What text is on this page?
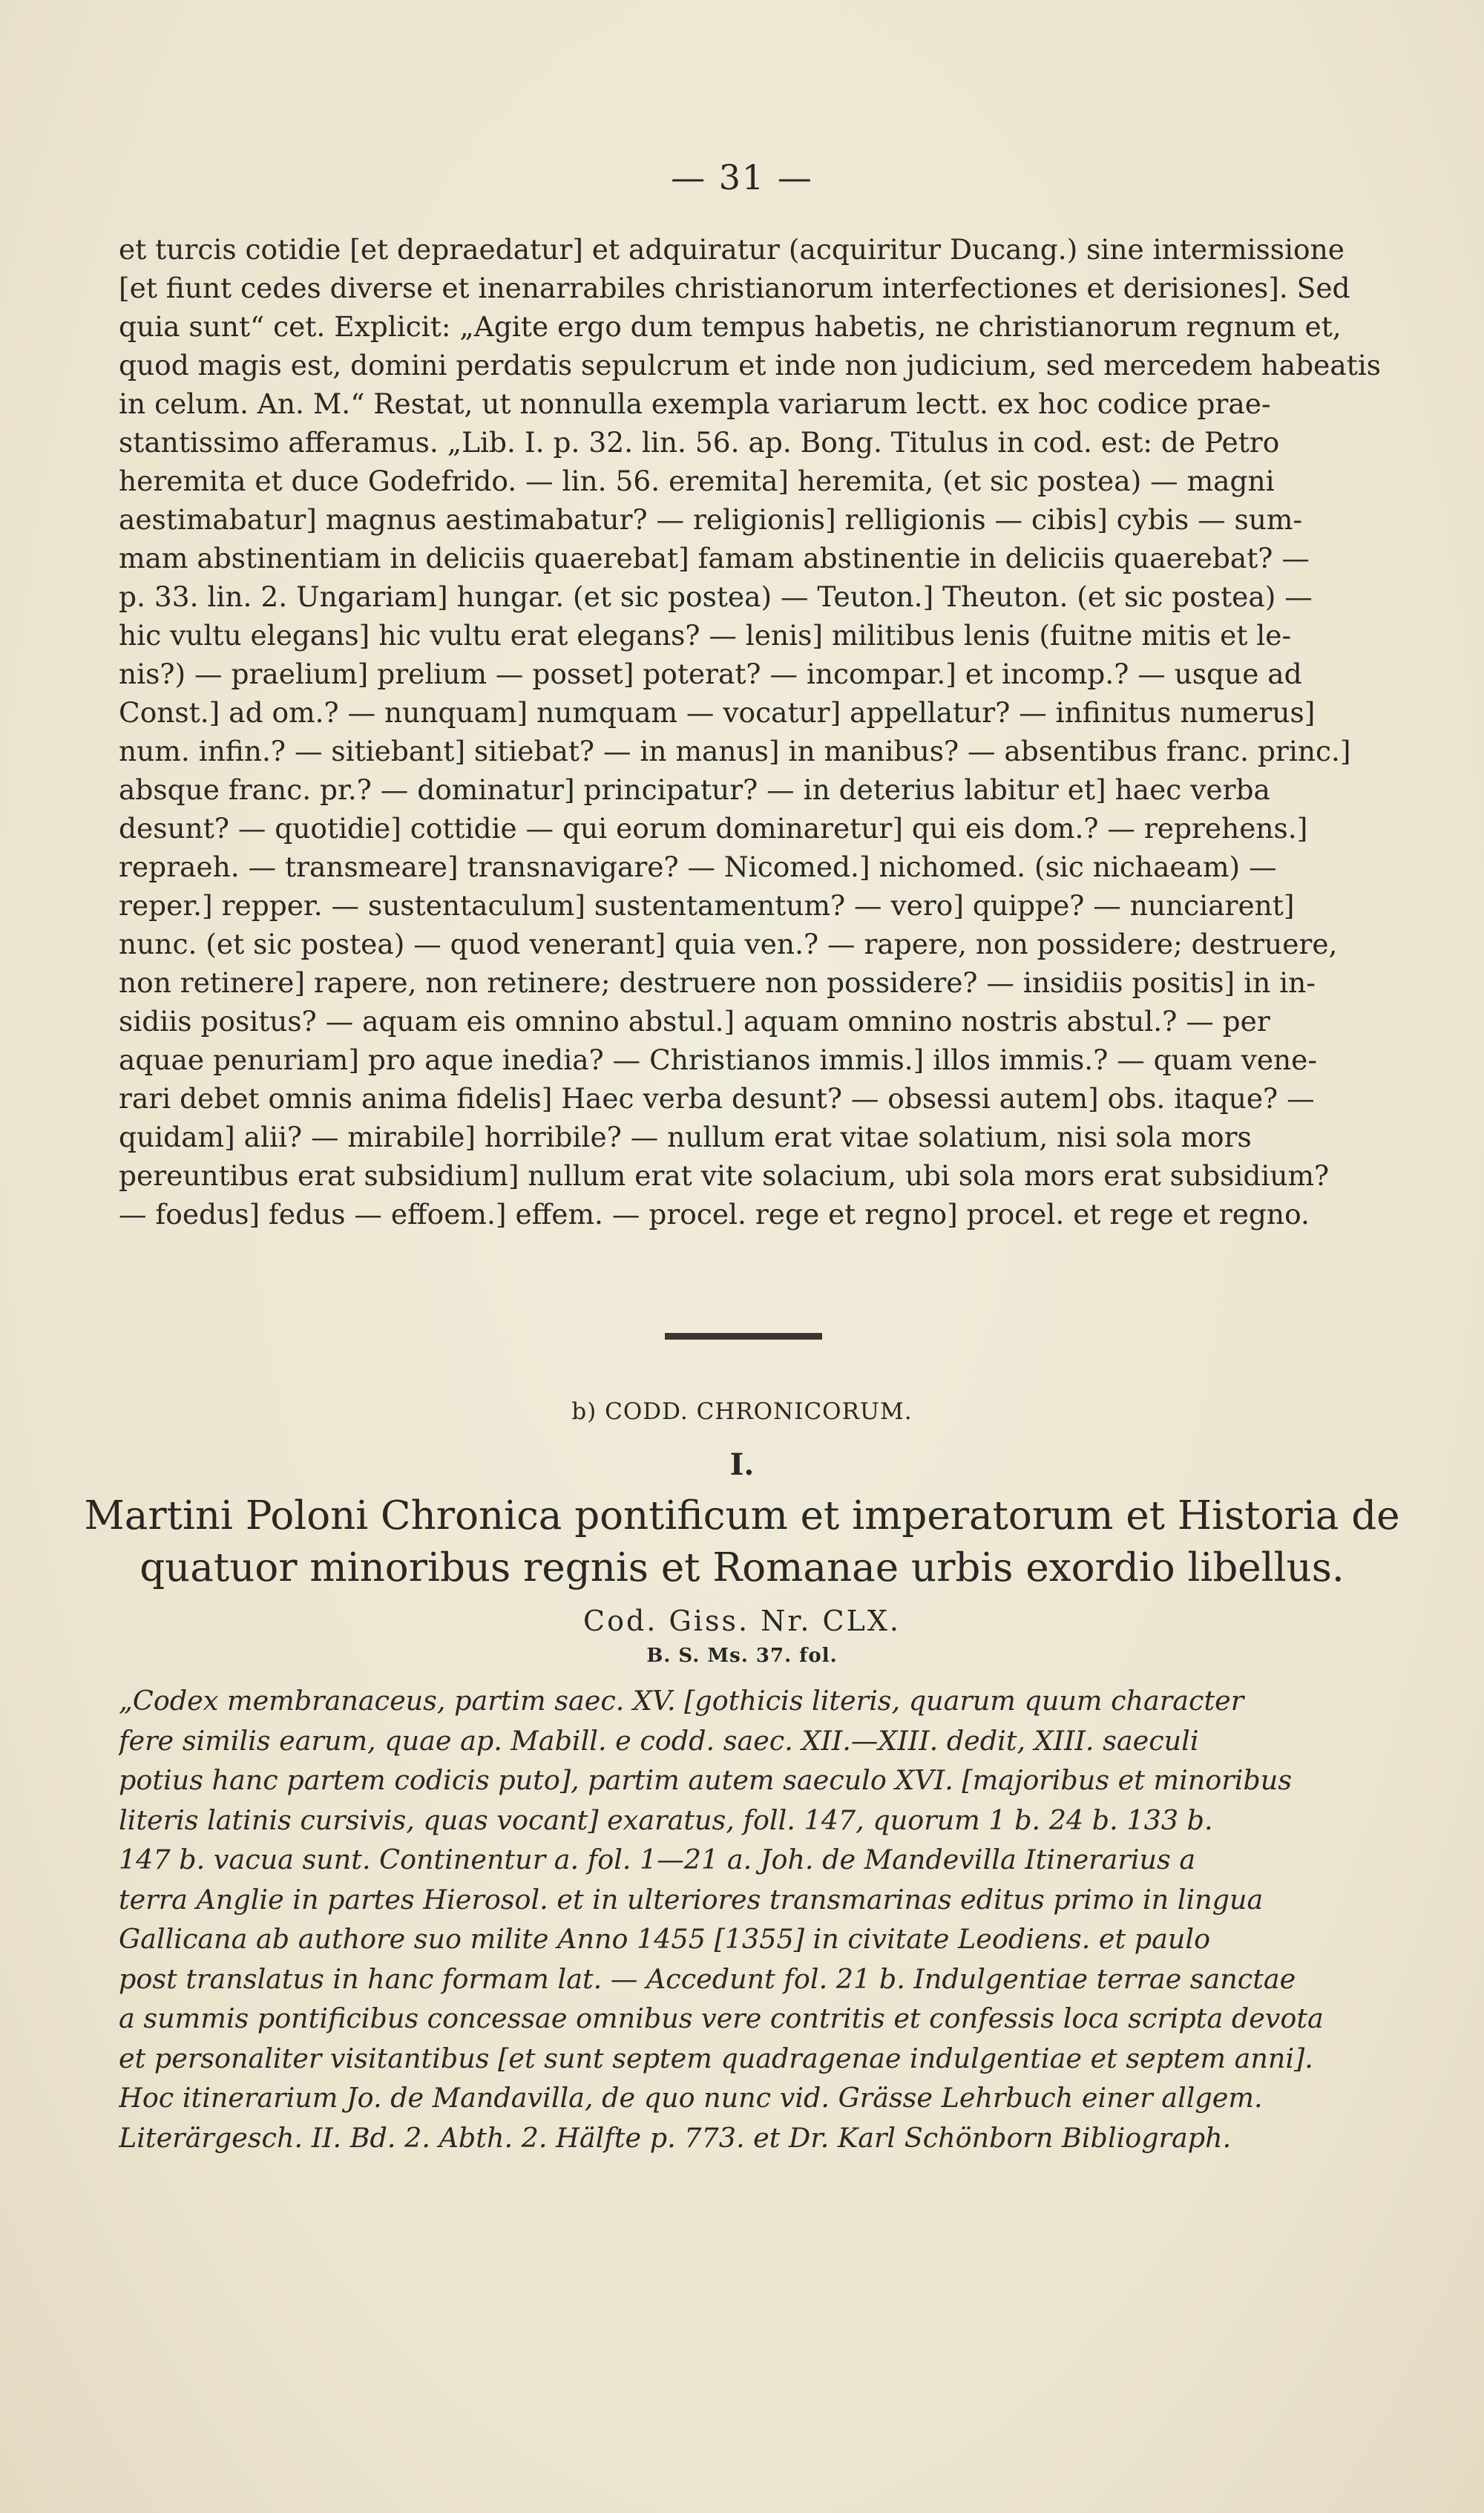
— 31 —
et turcis cotidie [et depraedatur] et adquiratur (acquiritur Ducang.) sine intermissione
[et fiunt cedes diverse et inenarrabiles christianorum interfectiones et derisiones]. Sed
quia sunt“ cet. Explicit: „Agite ergo dum tempus habetis, ne christianorum regnum et,
quod magis est, domini perdatis sepulcrum et inde non judicium, sed mercedem habeatis
in celum. An. M.“ Restat, ut nonnulla exempla variarum lectt. ex hoc codice prae-
stantissimo afferamus. „Lib. I. p. 32. lin. 56. ap. Bong. Titulus in cod. est: de Petro
heremita et duce Godefrido. — lin. 56. eremita] heremita, (et sic postea) — magni
aestimabatur] magnus aestimabatur? — religionis] relligionis — cibis] cybis — sum-
mam abstinentiam in deliciis quaerebat] famam abstinentie in deliciis quaerebat? —
p. 33. lin. 2. Ungariam] hungar. (et sic postea) — Teuton.] Theuton. (et sic postea) —
hic vultu elegans] hic vultu erat elegans? — lenis] militibus lenis (fuitne mitis et le-
nis?) — praelium] prelium — posset] poterat? — incompar.] et incomp.? — usque ad
Const.] ad om.? — nunquam] numquam — vocatur] appellatur? — infinitus numerus]
num. infin.? — sitiebant] sitiebat? — in manus] in manibus? — absentibus franc. princ.]
absque franc. pr.? — dominatur] principatur? — in deterius labitur et] haec verba
desunt? — quotidie] cottidie — qui eorum dominaretur] qui eis dom.? — reprehens.]
repraeh. — transmeare] transnavigare? — Nicomed.] nichomed. (sic nichaeam) —
reper.] repper. — sustentaculum] sustentamentum? — vero] quippe? — nunciarent]
nunc. (et sic postea) — quod venerant] quia ven.? — rapere, non possidere; destruere,
non retinere] rapere, non retinere; destruere non possidere? — insidiis positis] in in-
sidiis positus? — aquam eis omnino abstul.] aquam omnino nostris abstul.? — per
aquae penuriam] pro aque inedia? — Christianos immis.] illos immis.? — quam vene-
rari debet omnis anima fidelis] Haec verba desunt? — obsessi autem] obs. itaque? —
quidam] alii? — mirabile] horribile? — nullum erat vitae solatium, nisi sola mors
pereuntibus erat subsidium] nullum erat vite solacium, ubi sola mors erat subsidium?
— foedus] fedus — effoem.] effem. — procel. rege et regno] procel. et rege et regno.
b) CODD. CHRONICORUM.
I.
Martini Poloni Chronica pontificum et imperatorum et Historia de
quatuor minoribus regnis et Romanae urbis exordio libellus.
Cod. Giss. Nr. CLX.
B. S. Ms. 37. fol.
„Codex membranaceus, partim saec. XV. [gothicis literis, quarum quum character
fere similis earum, quae ap. Mabill. e codd. saec. XII.—XIII. dedit, XIII. saeculi
potius hanc partem codicis puto], partim autem saeculo XVI. [majoribus et minoribus
literis latinis cursivis, quas vocant] exaratus, foll. 147, quorum 1 b. 24 b. 133 b.
147 b. vacua sunt. Continentur a. fol. 1—21 a. Joh. de Mandevilla Itinerarius a
terra Anglie in partes Hierosol. et in ulteriores transmarinas editus primo in lingua
Gallicana ab authore suo milite Anno 1455 [1355] in civitate Leodiens. et paulo
post translatus in hanc formam lat. — Accedunt fol. 21 b. Indulgentiae terrae sanctae
a summis pontificibus concessae omnibus vere contritis et confessis loca scripta devota
et personaliter visitantibus [et sunt septem quadragenae indulgentiae et septem anni].
Hoc itinerarium Jo. de Mandavilla, de quo nunc vid. Grässe Lehrbuch einer allgem.
Literärgesch. II. Bd. 2. Abth. 2. Hälfte p. 773. et Dr. Karl Schönborn Bibliograph.
